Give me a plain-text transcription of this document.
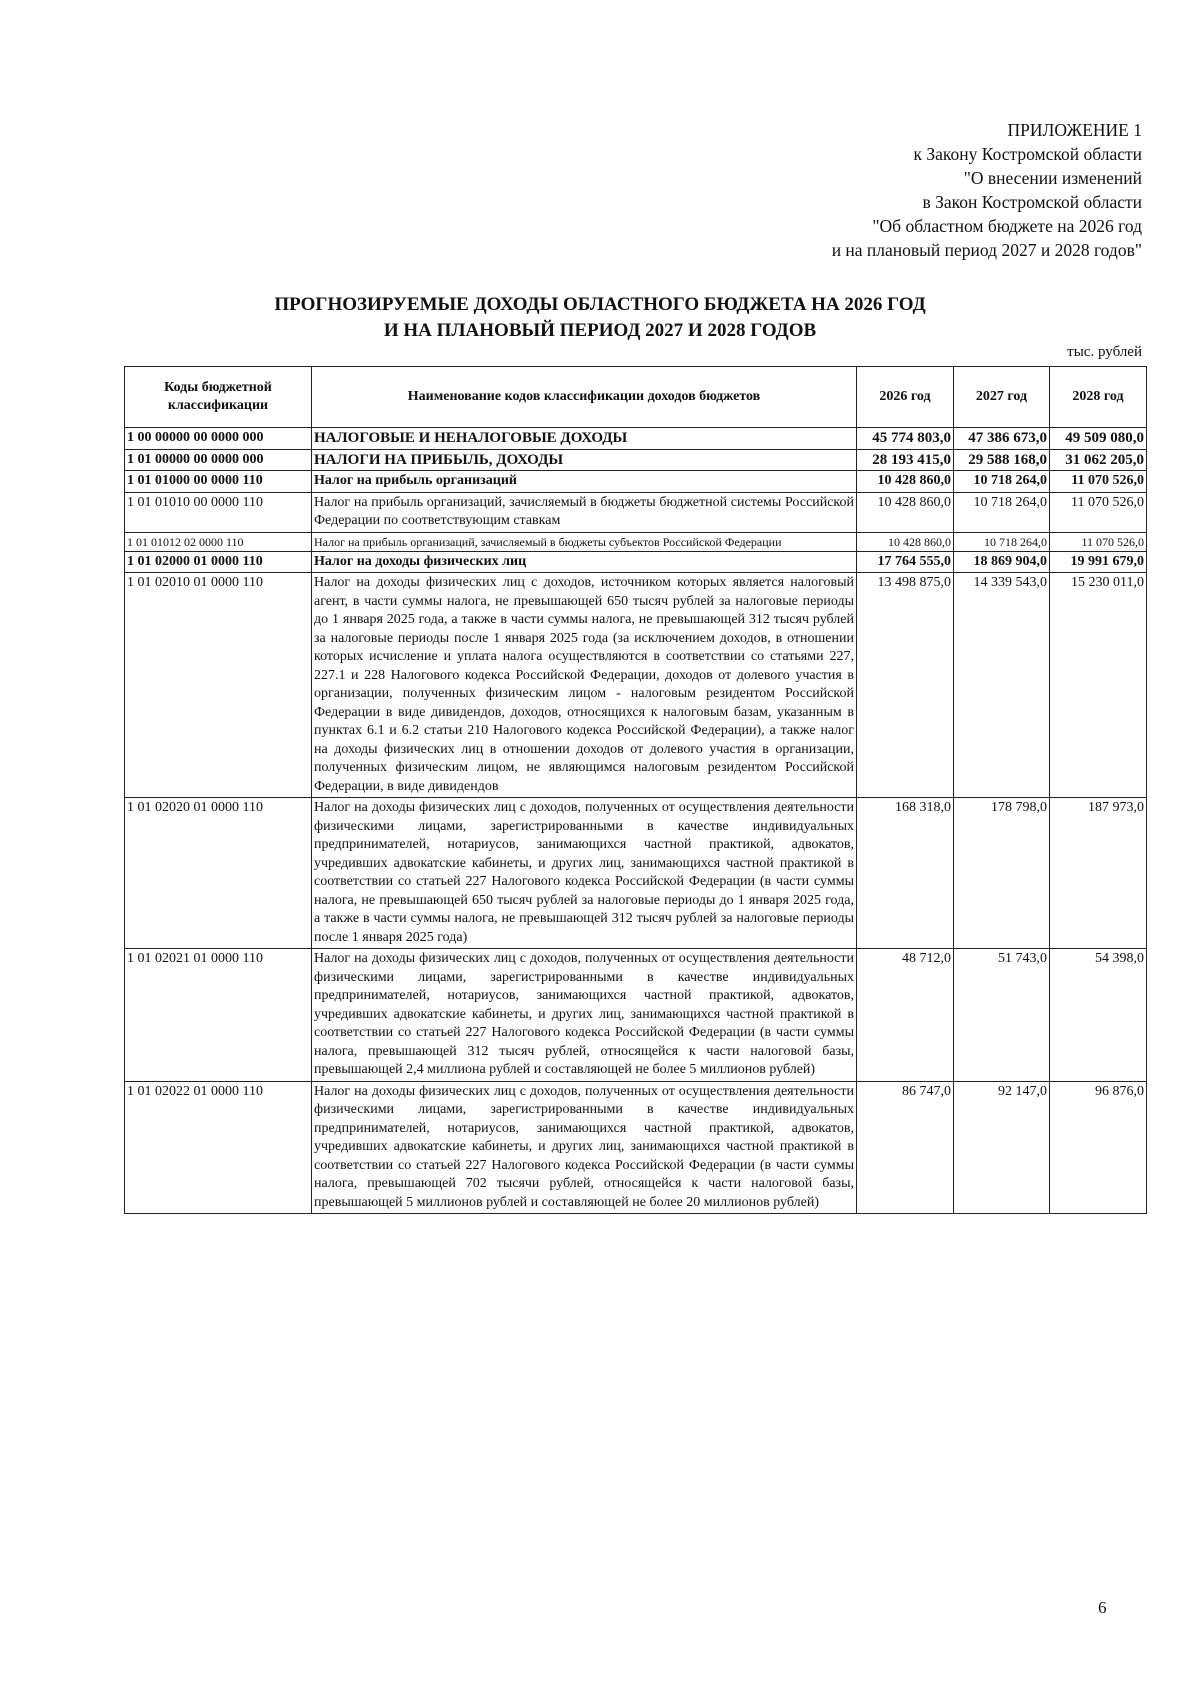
ПРИЛОЖЕНИЕ 1
к Закону Костромской области
"О внесении изменений
в Закон Костромской области
"Об областном бюджете на 2026 год
и на плановый период 2027 и 2028 годов"
ПРОГНОЗИРУЕМЫЕ ДОХОДЫ ОБЛАСТНОГО БЮДЖЕТА НА 2026 ГОД
И НА ПЛАНОВЫЙ ПЕРИОД 2027 И 2028 ГОДОВ
тыс. рублей
Коды бюджетной классификации	Наименование кодов классификации доходов бюджетов	2026 год	2027 год	2028 год
1 00 00000 00 0000 000	НАЛОГОВЫЕ И НЕНАЛОГОВЫЕ ДОХОДЫ	45 774 803,0	47 386 673,0	49 509 080,0
1 01 00000 00 0000 000	НАЛОГИ НА ПРИБЫЛЬ, ДОХОДЫ	28 193 415,0	29 588 168,0	31 062 205,0
1 01 01000 00 0000 110	Налог на прибыль организаций	10 428 860,0	10 718 264,0	11 070 526,0
1 01 01010 00 0000 110	Налог на прибыль организаций, зачисляемый в бюджеты бюджетной системы Российской Федерации по соответствующим ставкам	10 428 860,0	10 718 264,0	11 070 526,0
1 01 01012 02 0000 110	Налог на прибыль организаций, зачисляемый в бюджеты субъектов Российской Федерации	10 428 860,0	10 718 264,0	11 070 526,0
1 01 02000 01 0000 110	Налог на доходы физических лиц	17 764 555,0	18 869 904,0	19 991 679,0
1 01 02010 01 0000 110	Налог на доходы физических лиц с доходов, источником которых является налоговый агент, в части суммы налога, не превышающей 650 тысяч рублей за налоговые периоды до 1 января 2025 года, а также в части суммы налога, не превышающей 312 тысяч рублей за налоговые периоды после 1 января 2025 года (за исключением доходов, в отношении которых исчисление и уплата налога осуществляются в соответствии со статьями 227, 227.1 и 228 Налогового кодекса Российской Федерации, доходов от долевого участия в организации, полученных физическим лицом - налоговым резидентом Российской Федерации в виде дивидендов, доходов, относящихся к налоговым базам, указанным в пунктах 6.1 и 6.2 статьи 210 Налогового кодекса Российской Федерации), а также налог на доходы физических лиц в отношении доходов от долевого участия в организации, полученных физическим лицом, не являющимся налоговым резидентом Российской Федерации, в виде дивидендов	13 498 875,0	14 339 543,0	15 230 011,0
1 01 02020 01 0000 110	Налог на доходы физических лиц с доходов, полученных от осуществления деятельности физическими лицами, зарегистрированными в качестве индивидуальных предпринимателей, нотариусов, занимающихся частной практикой, адвокатов, учредивших адвокатские кабинеты, и других лиц, занимающихся частной практикой в соответствии со статьей 227 Налогового кодекса Российской Федерации (в части суммы налога, не превышающей 650 тысяч рублей за налоговые периоды до 1 января 2025 года, а также в части суммы налога, не превышающей 312 тысяч рублей за налоговые периоды после 1 января 2025 года)	168 318,0	178 798,0	187 973,0
1 01 02021 01 0000 110	Налог на доходы физических лиц с доходов, полученных от осуществления деятельности физическими лицами, зарегистрированными в качестве индивидуальных предпринимателей, нотариусов, занимающихся частной практикой, адвокатов, учредивших адвокатские кабинеты, и других лиц, занимающихся частной практикой в соответствии со статьей 227 Налогового кодекса Российской Федерации (в части суммы налога, превышающей 312 тысяч рублей, относящейся к части налоговой базы, превышающей 2,4 миллиона рублей и составляющей не более 5 миллионов рублей)	48 712,0	51 743,0	54 398,0
1 01 02022 01 0000 110	Налог на доходы физических лиц с доходов, полученных от осуществления деятельности физическими лицами, зарегистрированными в качестве индивидуальных предпринимателей, нотариусов, занимающихся частной практикой, адвокатов, учредивших адвокатские кабинеты, и других лиц, занимающихся частной практикой в соответствии со статьей 227 Налогового кодекса Российской Федерации (в части суммы налога, превышающей 702 тысячи рублей, относящейся к части налоговой базы, превышающей 5 миллионов рублей и составляющей не более 20 миллионов рублей)	86 747,0	92 147,0	96 876,0
6
